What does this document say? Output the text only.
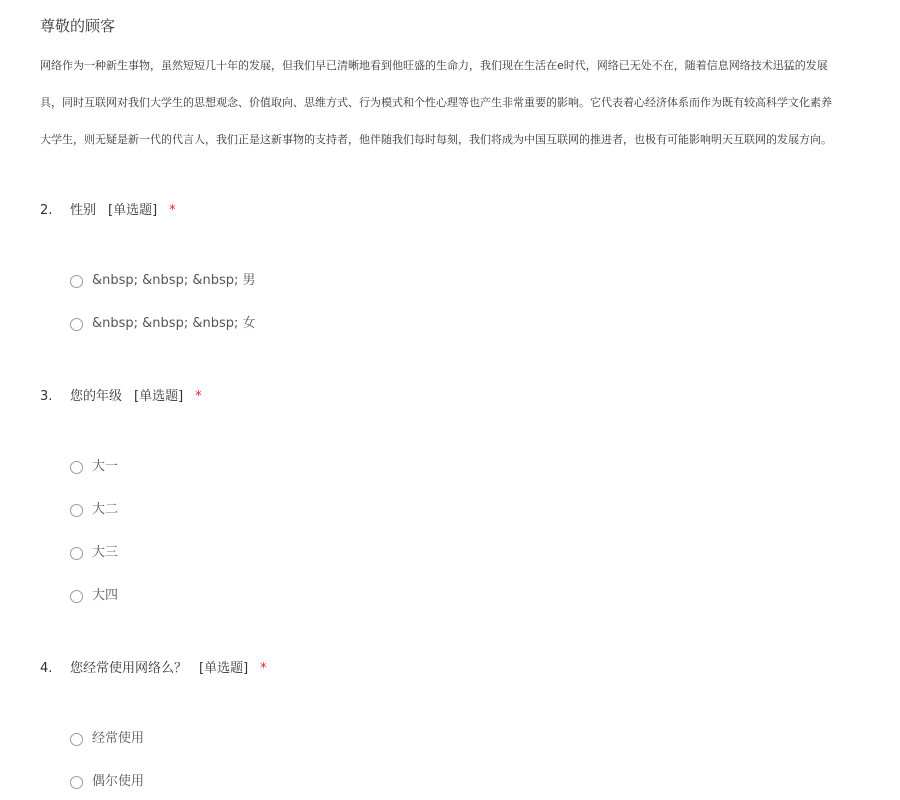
尊敬的顾客

网络作为一种新生事物，虽然短短几十年的发展，但我们早已清晰地看到他旺盛的生命力，我们现在生活在e时代，网络已无处不在，随着信息网络技术迅猛的发展

具，同时互联网对我们大学生的思想观念、价值取向、思维方式、行为模式和个性心理等也产生非常重要的影响。它代表着心经济体系而作为既有较高科学文化素养

大学生，则无疑是新一代的代言人，我们正是这新事物的支持者，他伴随我们每时每刻，我们将成为中国互联网的推进者，也极有可能影响明天互联网的发展方向。

2. 性别 [单选题] *
&nbsp; &nbsp; &nbsp; 男
&nbsp; &nbsp; &nbsp; 女
3. 您的年级 [单选题] *
大一
大二
大三
大四
4. 您经常使用网络么？ [单选题] *
经常使用
偶尔使用
